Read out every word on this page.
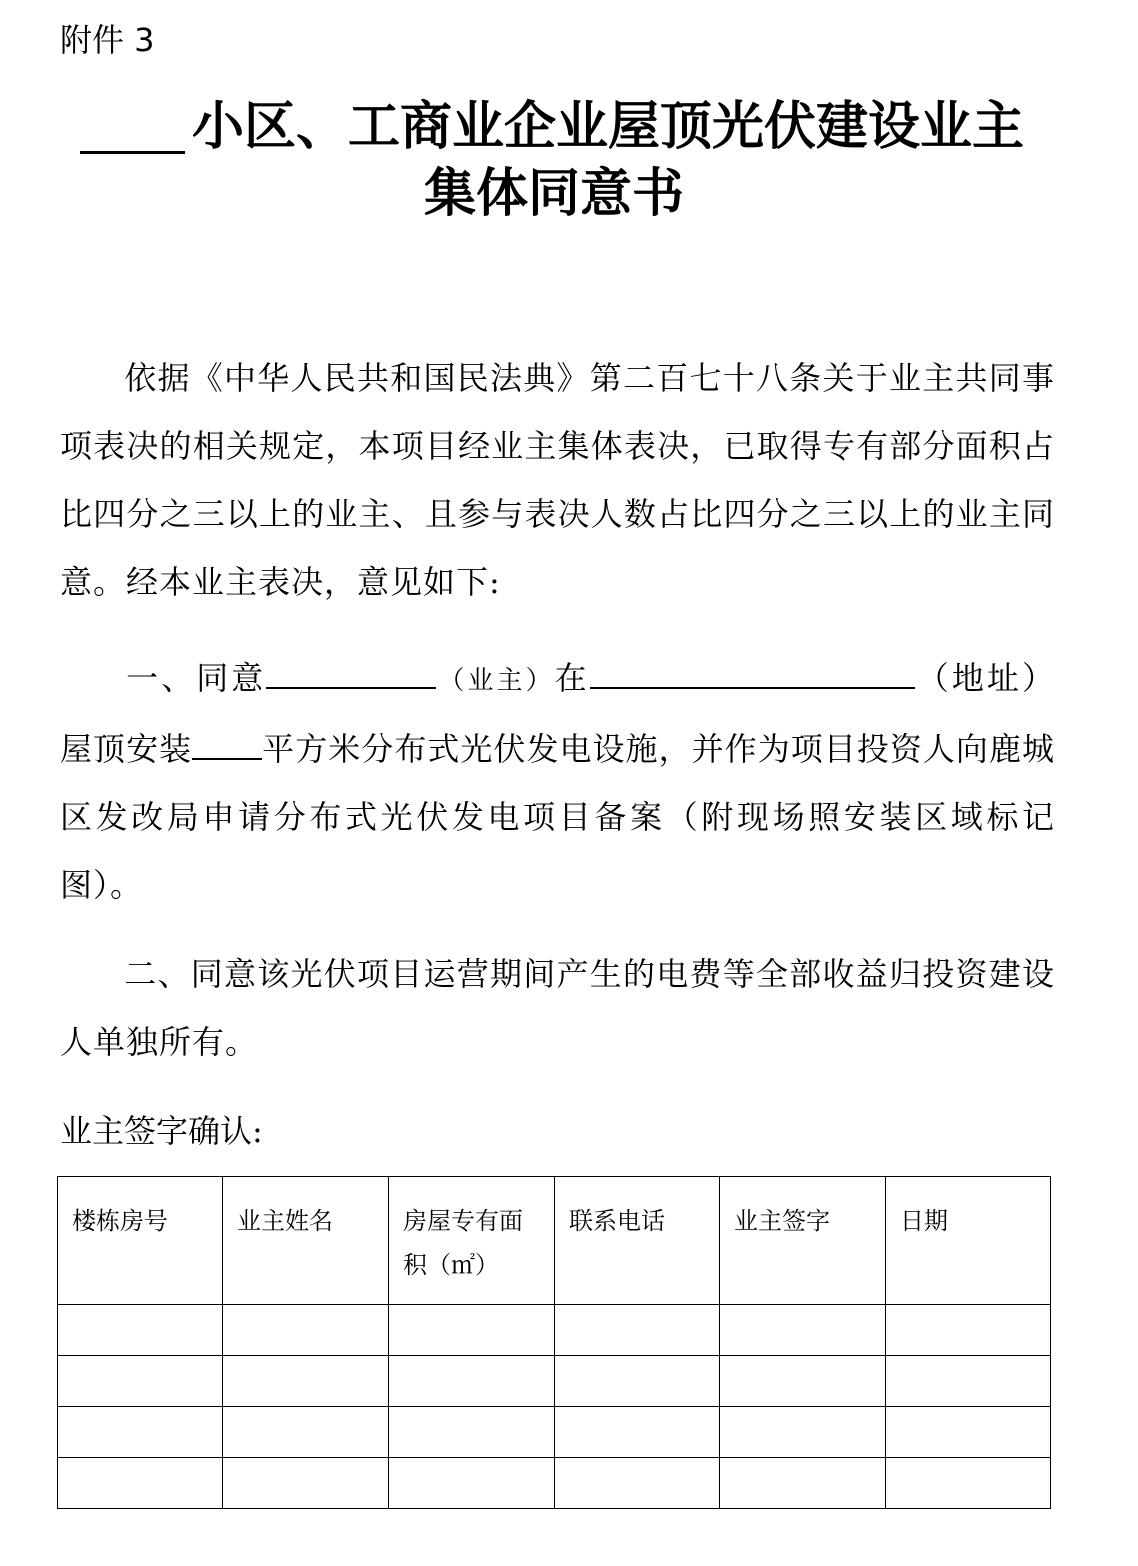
附件 3
小区、工商业企业屋顶光伏建设业主
集体同意书
依据《中华人民共和国民法典》第二百七十八条关于业主共同事项表决的相关规定，本项目经业主集体表决，已取得专有部分面积占比四分之三以上的业主、且参与表决人数占比四分之三以上的业主同意。经本业主表决，意见如下:
一、同意	（业主）在	（地址）屋顶安装 平方米分布式光伏发电设施，并作为项目投资人向鹿城区发改局申请分布式光伏发电项目备案（附现场照安装区域标记图）。
二、同意该光伏项目运营期间产生的电费等全部收益归投资建设人单独所有。
业主签字确认:
楼栋房号	业主姓名	房屋专有面积（㎡）	联系电话	业主签字	日期
